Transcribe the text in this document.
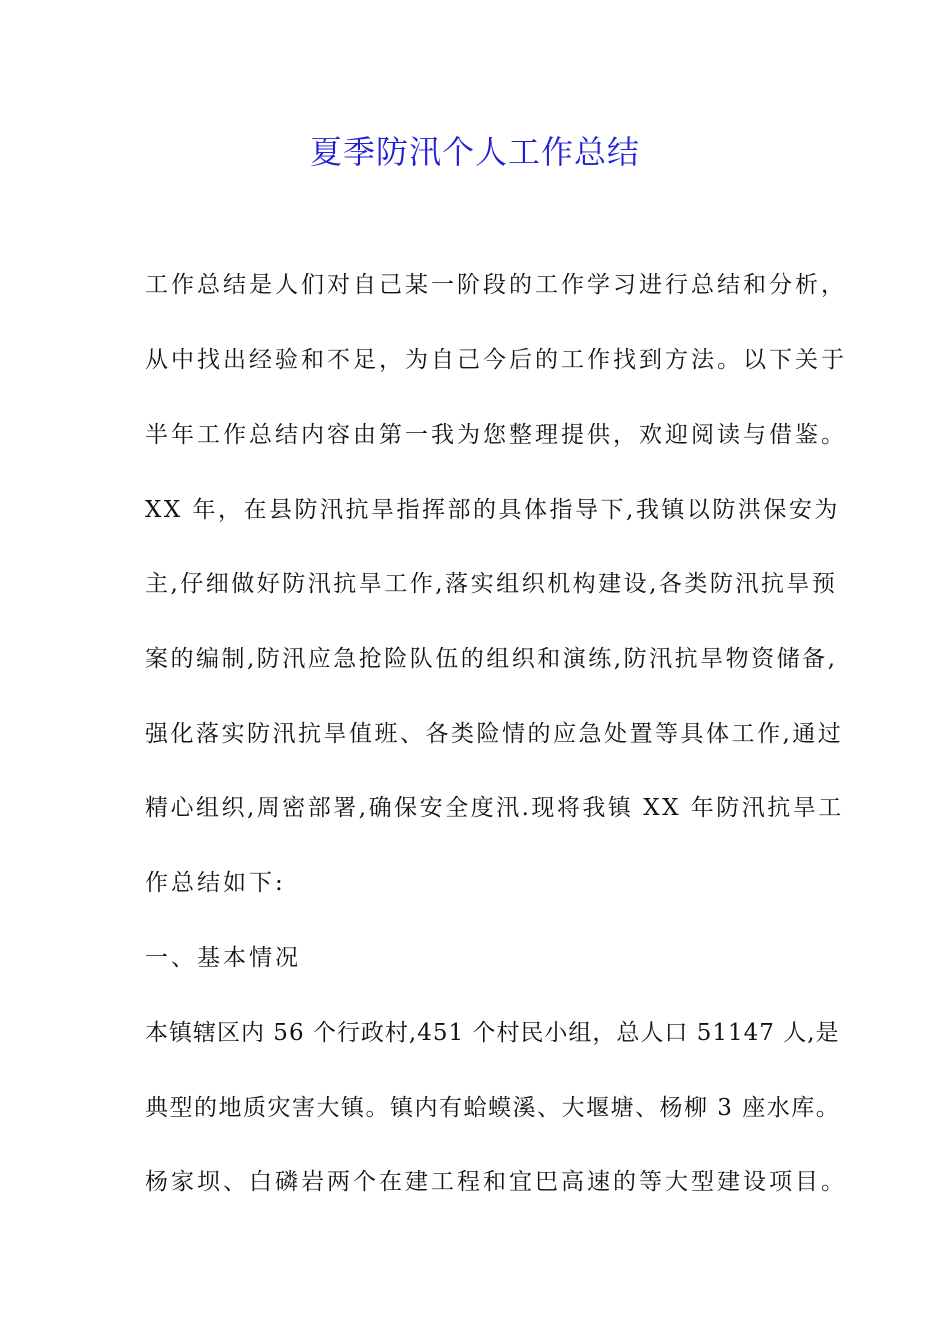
夏季防汛个人工作总结
工作总结是人们对自己某一阶段的工作学习进行总结和分析，
从中找出经验和不足，为自己今后的工作找到方法。以下关于
半年工作总结内容由第一我为您整理提供，欢迎阅读与借鉴。
XX 年，在县防汛抗旱指挥部的具体指导下,我镇以防洪保安为
主,仔细做好防汛抗旱工作,落实组织机构建设,各类防汛抗旱预
案的编制,防汛应急抢险队伍的组织和演练,防汛抗旱物资储备,
强化落实防汛抗旱值班、各类险情的应急处置等具体工作,通过
精心组织,周密部署,确保安全度汛.现将我镇 XX 年防汛抗旱工
作总结如下:
一、基本情况
本镇辖区内 56 个行政村,451 个村民小组，总人口 51147 人,是
典型的地质灾害大镇。镇内有蛤蟆溪、大堰塘、杨柳 3 座水库。
杨家坝、白磷岩两个在建工程和宜巴高速的等大型建设项目。
